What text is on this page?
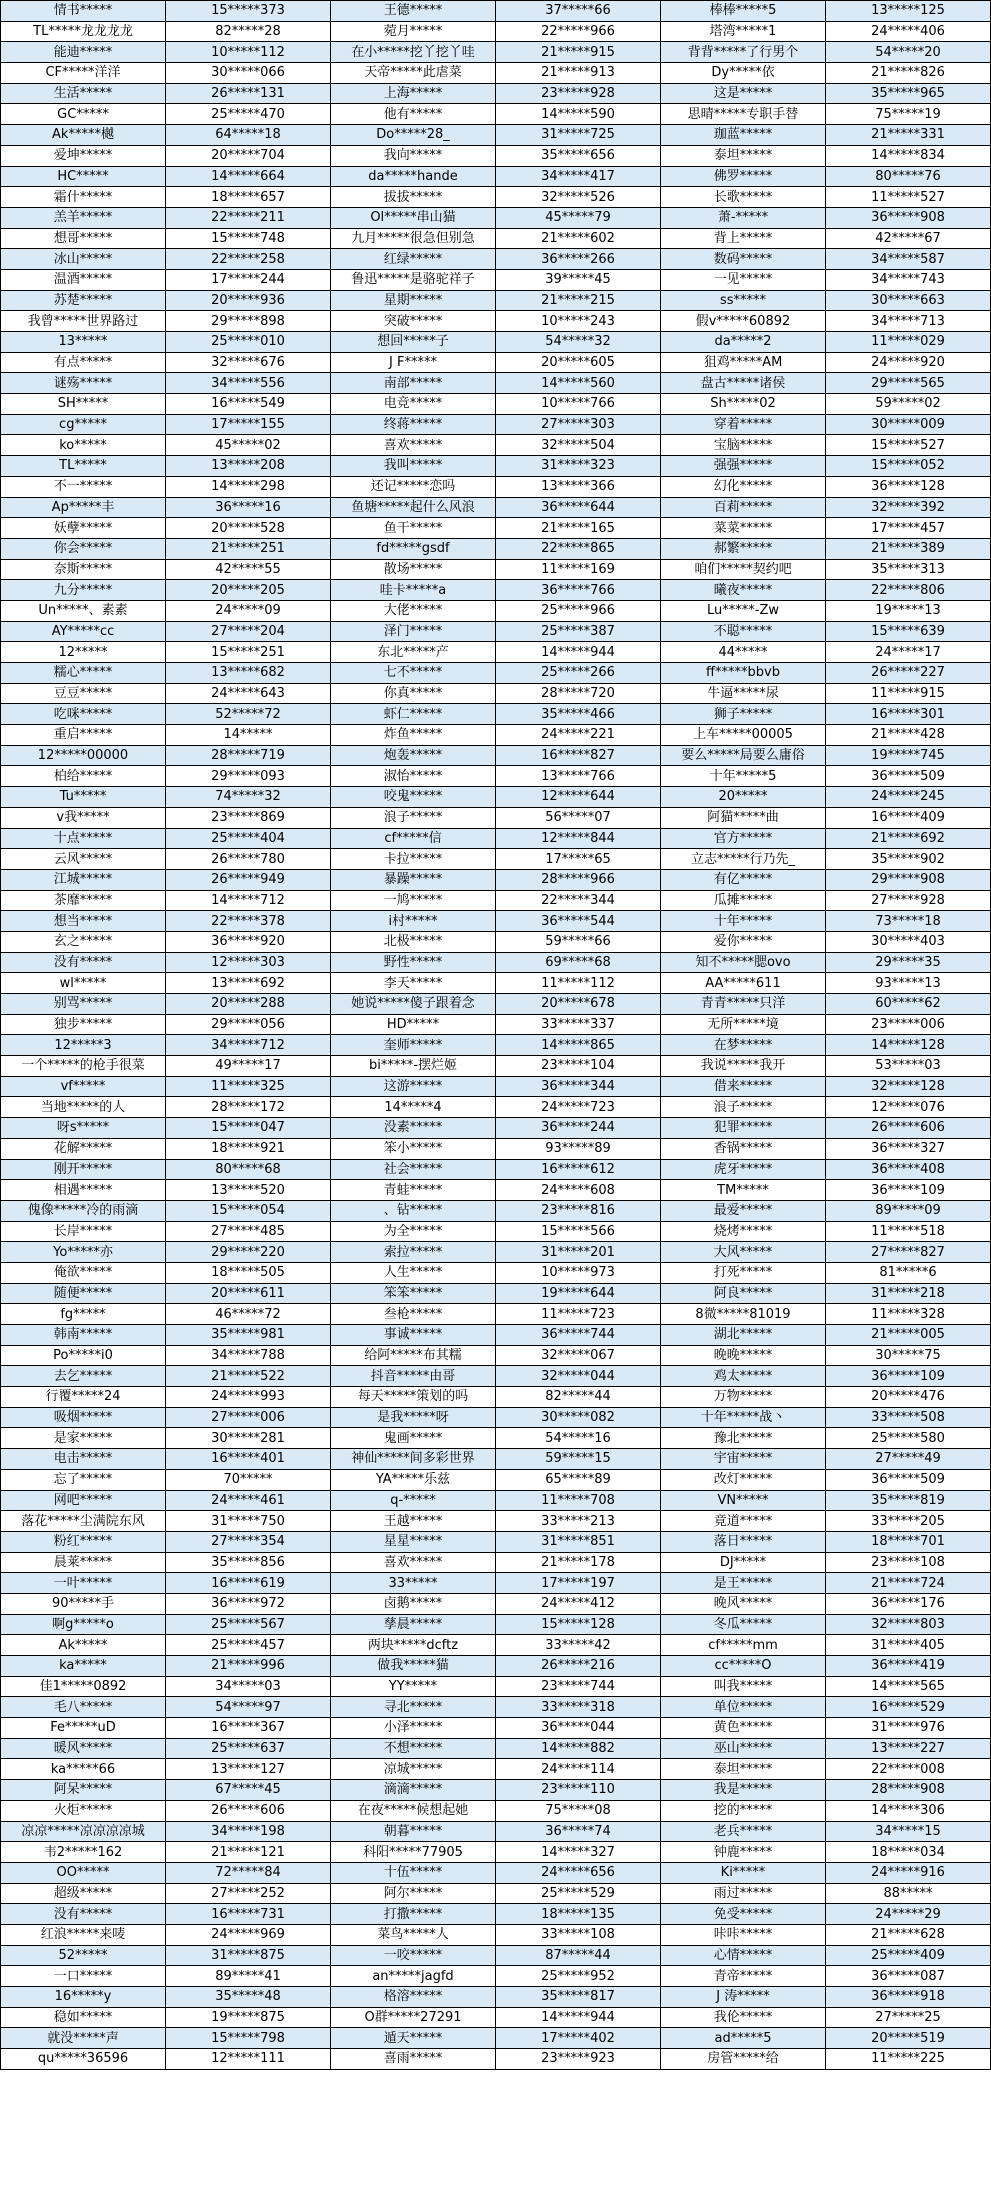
情书*****	15*****373	王德*****	37*****66	棒棒*****5	13*****125
TL*****龙龙龙龙	82*****28	菀月*****	22*****966	塔湾*****1	24*****406
能迪*****	10*****112	在小*****挖丫挖丫哇	21*****915	背背*****了行男个	54*****20
CF*****洋洋	30*****066	天帝*****此虐菜	21*****913	Dy*****依	21*****826
生活*****	26*****131	上海*****	23*****928	这是*****	35*****965
GC*****	25*****470	他有*****	14*****590	思晴*****专职手替	75*****19
Ak*****樾	64*****18	Do*****28_	31*****725	珈蓝*****	21*****331
爱坤*****	20*****704	我向*****	35*****656	泰坦*****	14*****834
HC*****	14*****664	da*****hande	34*****417	佛罗*****	80*****76
霜什*****	18*****657	拔拔*****	32*****526	长歌*****	11*****527
羔羊*****	22*****211	Ol*****串山猫	45*****79	萧-*****	36*****908
想哥*****	15*****748	九月*****很急但别急	21*****602	背上*****	42*****67
冰山*****	22*****258	红绿*****	36*****266	数码*****	34*****587
温酒*****	17*****244	鲁迅*****是骆驼祥子	39*****45	一见*****	34*****743
苏楚*****	20*****936	星期*****	21*****215	ss*****	30*****663
我曾*****世界路过	29*****898	突破*****	10*****243	假v*****60892	34*****713
13*****	25*****010	想回*****子	54*****32	da*****2	11*****029
有点*****	32*****676	J F*****	20*****605	狙鸡*****AM	24*****920
谜殇*****	34*****556	南部*****	14*****560	盘古*****诸侯	29*****565
SH*****	16*****549	电竞*****	10*****766	Sh*****02	59*****02
cg*****	17*****155	终蒋*****	27*****303	穿着*****	30*****009
ko*****	45*****02	喜欢*****	32*****504	宝脑*****	15*****527
TL*****	13*****208	我叫*****	31*****323	强强*****	15*****052
不一*****	14*****298	还记*****恋吗	13*****366	幻化*****	36*****128
Ap*****丰	36*****16	鱼塘*****起什么风浪	36*****644	百莉*****	32*****392
妖孽*****	20*****528	鱼干*****	21*****165	菜菜*****	17*****457
你会*****	21*****251	fd*****gsdf	22*****865	郝繁*****	21*****389
奈斯*****	42*****55	散场*****	11*****169	咱们*****契约吧	35*****313
九分*****	20*****205	哇卡*****a	36*****766	曦夜*****	22*****806
Un*****、素素	24*****09	大佬*****	25*****966	Lu*****-Zw	19*****13
AY*****cc	27*****204	泽门*****	25*****387	不聪*****	15*****639
12*****	15*****251	东北*****产	14*****944	44*****	24*****17
糯心*****	13*****682	七不*****	25*****266	ff*****bbvb	26*****227
豆豆*****	24*****643	你真*****	28*****720	牛逼*****尿	11*****915
吃咪*****	52*****72	虾仁*****	35*****466	狮子*****	16*****301
重启*****	14*****	炸鱼*****	24*****221	上车*****00005	21*****428
12*****00000	28*****719	炮轰*****	16*****827	要么*****局要么庸俗	19*****745
柏给*****	29*****093	淑怡*****	13*****766	十年*****5	36*****509
Tu*****	74*****32	咬鬼*****	12*****644	20*****	24*****245
v我*****	23*****869	浪子*****	56*****07	阿猫*****曲	16*****409
十点*****	25*****404	cf*****信	12*****844	官方*****	21*****692
云风*****	26*****780	卡拉*****	17*****65	立志*****行乃先_	35*****902
江城*****	26*****949	暴躁*****	28*****966	有亿*****	29*****908
茶靡*****	14*****712	一鸠*****	22*****344	瓜摊*****	27*****928
想当*****	22*****378	i村*****	36*****544	十年*****	73*****18
玄之*****	36*****920	北极*****	59*****66	爱你*****	30*****403
没有*****	12*****303	野性*****	69*****68	知不*****腮ovo	29*****35
wl*****	13*****692	李天*****	11*****112	AA*****611	93*****13
别骂*****	20*****288	她说*****傻子跟着念	20*****678	青青*****只洋	60*****62
独步*****	29*****056	HD*****	33*****337	无所*****境	23*****006
12*****3	34*****712	奎师*****	14*****865	在梦*****	14*****128
一个*****的枪手很菜	49*****17	bi*****-摆烂姬	23*****104	我说*****我开	53*****03
vf*****	11*****325	这游*****	36*****344	借来*****	32*****128
当地*****的人	28*****172	14*****4	24*****723	浪子*****	12*****076
呀s*****	15*****047	没素*****	36*****244	犯罪*****	26*****606
花解*****	18*****921	笨小*****	93*****89	香锅*****	36*****327
刚开*****	80*****68	社会*****	16*****612	虎牙*****	36*****408
相遇*****	13*****520	青蛙*****	24*****608	TM*****	36*****109
傀像*****冷的雨滴	15*****054	、钻*****	23*****816	最爱*****	89*****09
长岸*****	27*****485	为全*****	15*****566	烧烤*****	11*****518
Yo*****亦	29*****220	索拉*****	31*****201	大风*****	27*****827
俺欲*****	18*****505	人生*****	10*****973	打死*****	81*****6
随便*****	20*****611	笨笨*****	19*****644	阿良*****	31*****218
fg*****	46*****72	叁枪*****	11*****723	8微*****81019	11*****328
韩南*****	35*****981	事诚*****	36*****744	湖北*****	21*****005
Po*****i0	34*****788	给阿*****布其糯	32*****067	晚晚*****	30*****75
去乞*****	21*****522	抖音*****由哥	32*****044	鸡太*****	36*****109
行覆*****24	24*****993	每天*****策划的吗	82*****44	万物*****	20*****476
吸烟*****	27*****006	是我*****呀	30*****082	十年*****战丶	33*****508
是家*****	30*****281	鬼画*****	54*****16	豫北*****	25*****580
电击*****	16*****401	神仙*****间多彩世界	59*****15	宇宙*****	27*****49
忘了*****	70*****	YA*****乐兹	65*****89	改灯*****	36*****509
网吧*****	24*****461	q-*****	11*****708	VN*****	35*****819
落花*****尘满院东风	31*****750	王越*****	33*****213	竟道*****	33*****205
粉红*****	27*****354	星星*****	31*****851	落日*****	18*****701
晨莱*****	35*****856	喜欢*****	21*****178	DJ*****	23*****108
一叶*****	16*****619	33*****	17*****197	是王*****	21*****724
90*****手	36*****972	卤鹅*****	24*****412	晚风*****	36*****176
啊g*****o	25*****567	孳晨*****	15*****128	冬瓜*****	32*****803
Ak*****	25*****457	两块*****dcftz	33*****42	cf*****mm	31*****405
ka*****	21*****996	做我*****猫	26*****216	cc*****O	36*****419
佳1*****0892	34*****03	YY*****	23*****744	叫我*****	14*****565
毛八*****	54*****97	寻北*****	33*****318	单位*****	16*****529
Fe*****uD	16*****367	小泽*****	36*****044	黄色*****	31*****976
暖风*****	25*****637	不想*****	14*****882	巫山*****	13*****227
ka*****66	13*****127	凉城*****	24*****114	泰坦*****	22*****008
阿呆*****	67*****45	滴滴*****	23*****110	我是*****	28*****908
火炬*****	26*****606	在夜*****候想起她	75*****08	挖的*****	14*****306
凉凉*****凉凉凉凉城	34*****198	朝暮*****	36*****74	老兵*****	34*****15
韦2*****162	21*****121	科阳*****77905	14*****327	钟鹿*****	18*****034
OO*****	72*****84	十伍*****	24*****656	Ki*****	24*****916
超级*****	27*****252	阿尔*****	25*****529	雨过*****	88*****
没有*****	16*****731	打撒*****	18*****135	免受*****	24*****29
红浪*****来唛	24*****969	菜鸟*****人	33*****108	咔咔*****	21*****628
52*****	31*****875	一咬*****	87*****44	心情*****	25*****409
一口*****	89*****41	an*****jagfd	25*****952	青帝*****	36*****087
16*****y	35*****48	格溶*****	35*****817	J 涛*****	36*****918
稳如*****	19*****875	O群*****27291	14*****944	我伦*****	27*****25
就没*****声	15*****798	遁天*****	17*****402	ad*****5	20*****519
qu*****36596	12*****111	喜雨*****	23*****923	房管*****给	11*****225
